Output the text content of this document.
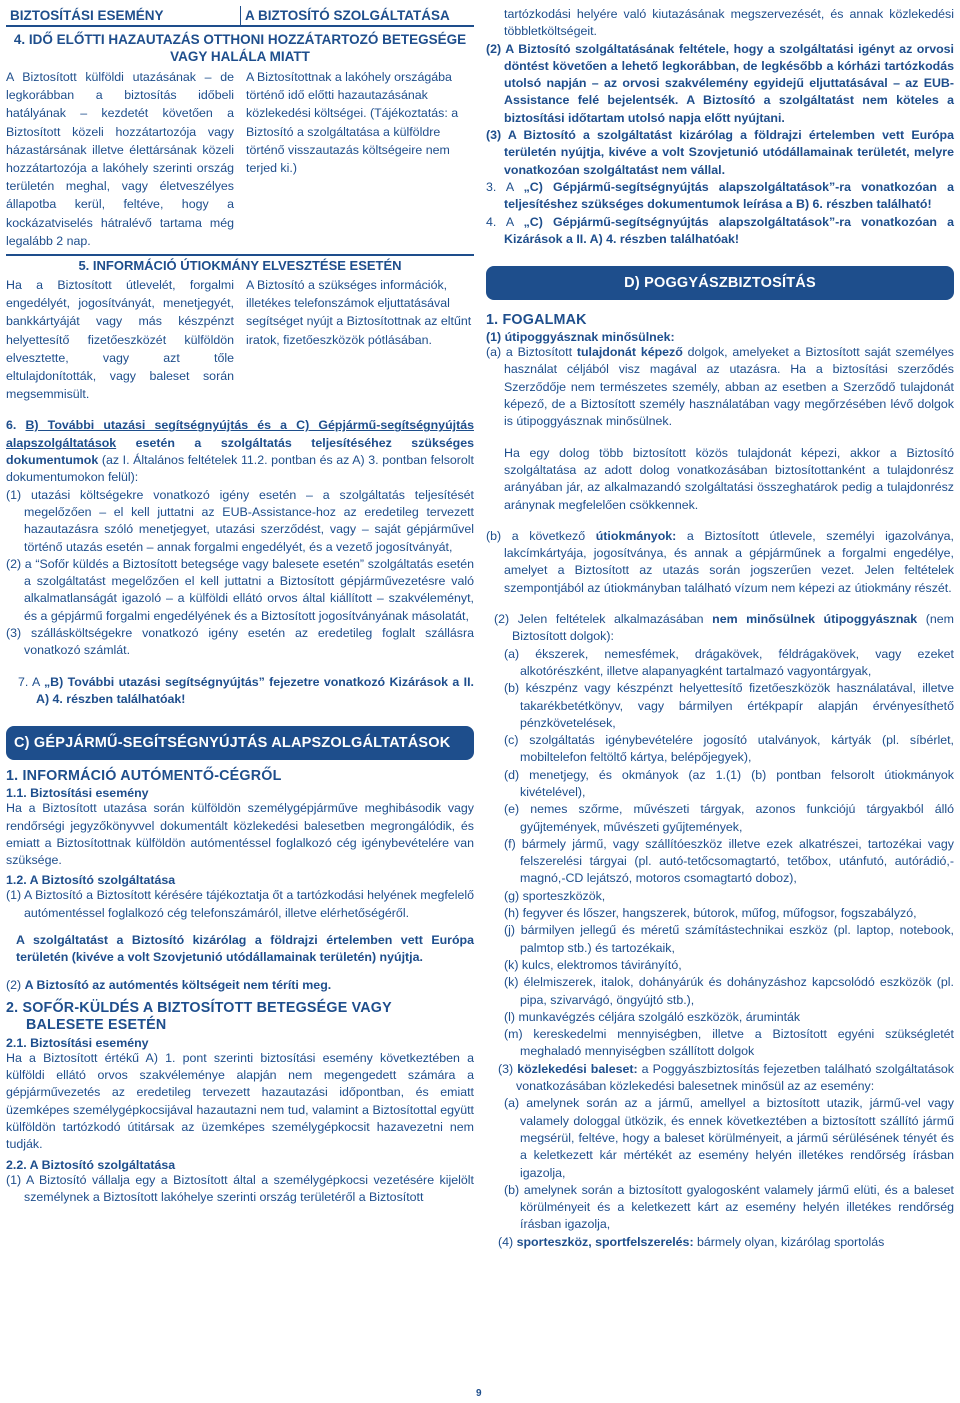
BIZTOSÍTÁSI ESEMÉNY	A BIZTOSÍTÓ SZOLGÁLTATÁSA
4. IDŐ ELŐTTI HAZAUTAZÁS OTTHONI HOZZÁTARTOZÓ BETEGSÉGE
VAGY HALÁLA MIATT

A Biztosított külföldi utazásának – de legkorábban a biztosítás időbeli hatályának – kezdetét követően a Biztosított közeli hozzátartozója vagy házastársának illetve élettársának közeli hozzátartozója a lakóhely szerinti ország területén meghal, vagy életveszélyes állapotba kerül, feltéve, hogy a kockázatviselés hátralévő tartama még legalább 2 nap.

A Biztosítottnak a lakóhely országába történő idő előtti hazautazásának közlekedési költségei. (Tájékoztatás: a Biztosító a szolgáltatása a külföldre történő visszautazás költségeire nem terjed ki.)

5. INFORMÁCIÓ ÚTIOKMÁNY ELVESZTÉSE ESETÉN

Ha a Biztosított útlevelét, forgalmi engedélyét, jogosítványát, menetjegyét, bankkártyáját vagy más készpénzt helyettesítő fizetőeszközét külföldön elvesztette, vagy azt tőle eltulajdonították, vagy baleset során megsemmisült.

A Biztosító a szükséges információk, illetékes telefonszámok eljuttatásával segítséget nyújt a Biztosítottnak az eltűnt iratok, fizetőeszközök pótlásában.

6. B) További utazási segítségnyújtás és a C) Gépjármű-segítségnyújtás alapszolgáltatások esetén a szolgáltatás teljesítéséhez szükséges dokumentumok (az I. Általános feltételek 11.2. pontban és az A) 3. pontban felsorolt dokumentumokon felül):

(1) utazási költségekre vonatkozó igény esetén – a szolgáltatás teljesítését megelőzően – el kell juttatni az EUB-Assistance-hoz az eredetileg tervezett hazautazásra szóló menetjegyet, utazási szerződést, vagy – saját gépjárművel történő utazás esetén – annak forgalmi engedélyét, és a vezető jogosítványát,

(2) a “Sofőr küldés a Biztosított betegsége vagy balesete esetén” szolgáltatás esetén a szolgáltatást megelőzően el kell juttatni a Biztosított gépjárművezetésre való alkalmatlanságát igazoló – a külföldi ellátó orvos által kiállított – szakvéleményt, és a gépjármű forgalmi engedélyének és a Biztosított jogosítványának másolatát,

(3) szállásköltségekre vonatkozó igény esetén az eredetileg foglalt szállásra vonatkozó számlát.

7. A „B) További utazási segítségnyújtás” fejezetre vonatkozó Kizárások a II. A) 4. részben találhatóak!

C) GÉPJÁRMŰ-SEGÍTSÉGNYÚJTÁS ALAPSZOLGÁLTATÁSOK
1. INFORMÁCIÓ AUTÓMENTŐ-CÉGRŐL
1.1. Biztosítási esemény

Ha a Biztosított utazása során külföldön személygépjárműve meghibásodik vagy rendőrségi jegyzőkönyvvel dokumentált közlekedési balesetben megrongálódik, és emiatt a Biztosítottnak külföldön autómentéssel foglalkozó cég igénybevételére van szüksége.

1.2. A Biztosító szolgáltatása

(1) A Biztosító a Biztosított kérésére tájékoztatja őt a tartózkodási helyének megfelelő autómentéssel foglalkozó cég telefonszámáról, illetve elérhetőségéről.

A szolgáltatást a Biztosító kizárólag a földrajzi értelemben vett Európa területén (kivéve a volt Szovjetunió utódállamainak területén) nyújtja.

(2) A Biztosító az autómentés költségeit nem téríti meg.

2. SOFŐR-KÜLDÉS A BIZTOSÍTOTT BETEGSÉGE VAGY
BALESETE ESETÉN
2.1. Biztosítási esemény

Ha a Biztosított értékű A) 1. pont szerinti biztosítási esemény következtében a külföldi ellátó orvos szakvéleménye alapján nem megengedett számára a gépjárművezetés az eredetileg tervezett hazautazási időpontban, és emiatt üzemképes személygépkocsijával hazautazni nem tud, valamint a Biztosítottal együtt külföldön tartózkodó útitársak az üzemképes személygépkocsit hazavezetni nem tudják.

2.2. A Biztosító szolgáltatása

(1) A Biztosító vállalja egy a Biztosított által a személygépkocsi vezetésére kijelölt személynek a Biztosított lakóhelye szerinti ország területéről a Biztosított

tartózkodási helyére való kiutazásának megszervezését, és annak közlekedési többletköltségeit.

(2) A Biztosító szolgáltatásának feltétele, hogy a szolgáltatási igényt az orvosi döntést követően a lehető legkorábban, de legkésőbb a kórházi tartózkodás utolsó napján – az orvosi szakvélemény egyidejű eljuttatásával – az EUB-Assistance felé bejelentsék. A Biztosító a szolgáltatást nem köteles a biztosítási időtartam utolsó napja előtt nyújtani.

(3) A Biztosító a szolgáltatást kizárólag a földrajzi értelemben vett Európa területén nyújtja, kivéve a volt Szovjetunió utódállamainak területét, melyre vonatkozóan szolgáltatást nem vállal.

3. A „C) Gépjármű-segítségnyújtás alapszolgáltatások”-ra vonatkozóan a teljesítéshez szükséges dokumentumok leírása a B) 6. részben található!

4. A „C) Gépjármű-segítségnyújtás alapszolgáltatások”-ra vonatkozóan a Kizárások a II. A) 4. részben találhatóak!

D) POGGYÁSZBIZTOSÍTÁS
1. FOGALMAK
(1) útipoggyásznak minősülnek:

(a) a Biztosított tulajdonát képező dolgok, amelyeket a Biztosított saját személyes használat céljából visz magával az utazásra. Ha a biztosítási szerződés Szerződője nem természetes személy, abban az esetben a Szerződő tulajdonát képező, de a Biztosított személy használatában vagy megőrzésében lévő dolgok is útipoggyásznak minősülnek.

Ha egy dolog több biztosított közös tulajdonát képezi, akkor a Biztosító szolgáltatása az adott dolog vonatkozásában biztosítottanként a tulajdonrész arányában jár, az alkalmazandó szolgáltatási összeghatárok pedig a tulajdonrész aránynak megfelelően csökkennek.

(b) a következő útiokmányok: a Biztosított útlevele, személyi igazolványa, lakcímkártyája, jogosítványa, és annak a gépjárműnek a forgalmi engedélye, amelyet a Biztosított az utazás során jogszerűen vezet. Jelen feltételek szempontjából az útiokmányban található vízum nem képezi az útiokmány részét.

(2) Jelen feltételek alkalmazásában nem minősülnek útipoggyásznak (nem Biztosított dolgok):

(a) ékszerek, nemesfémek, drágakövek, féldrágakövek, vagy ezeket alkotórészként, illetve alapanyagként tartalmazó vagyontárgyak,

(b) készpénz vagy készpénzt helyettesítő fizetőeszközök használatával, illetve takarékbetétkönyv, vagy bármilyen értékpapír alapján érvényesíthető pénzkövetelések,

(c) szolgáltatás igénybevételére jogosító utalványok, kártyák (pl. síbérlet, mobiltelefon feltöltő kártya, belépőjegyek),

(d) menetjegy, és okmányok (az 1.(1) (b) pontban felsorolt útiokmányok kivételével),

(e) nemes szőrme, művészeti tárgyak, azonos funkciójú tárgyakból álló gyűjtemények, művészeti gyűjtemények,

(f) bármely jármű, vagy szállítóeszköz illetve ezek alkatrészei, tartozékai vagy felszerelési tárgyai (pl. autó-tetőcsomagtartó, tetőbox, utánfutó, autórádió,-magnó,-CD lejátszó, motoros csomagtartó doboz),

(g) sporteszközök,

(h) fegyver és lőszer, hangszerek, bútorok, műfog, műfogsor, fogszabályzó,

(j) bármilyen jellegű és méretű számítástechnikai eszköz (pl. laptop, notebook, palmtop stb.) és tartozékaik,

(k) kulcs, elektromos távirányító,

(k) élelmiszerek, italok, dohányárúk és dohányzáshoz kapcsolódó eszközök (pl. pipa, szivarvágó, öngyújtó stb.),

(l) munkavégzés céljára szolgáló eszközök, áruminták

(m) kereskedelmi mennyiségben, illetve a Biztosított egyéni szükségletét meghaladó mennyiségben szállított dolgok

(3) közlekedési baleset: a Poggyászbiztosítás fejezetben található szolgáltatások vonatkozásában közlekedési balesetnek minősül az az esemény:

(a) amelynek során az a jármű, amellyel a biztosított utazik, jármű-vel vagy valamely dologgal ütközik, és ennek következtében a biztosított szállító jármű megsérül, feltéve, hogy a baleset körülményeit, a jármű sérülésének tényét és a keletkezett kár mértékét az esemény helyén illetékes rendőrség írásban igazolja,

(b) amelynek során a biztosított gyalogosként valamely jármű elüti, és a baleset körülményeit és a keletkezett kárt az esemény helyén illetékes rendőrség írásban igazolja,

(4) sporteszköz, sportfelszerelés: bármely olyan, kizárólag sportolás

9
